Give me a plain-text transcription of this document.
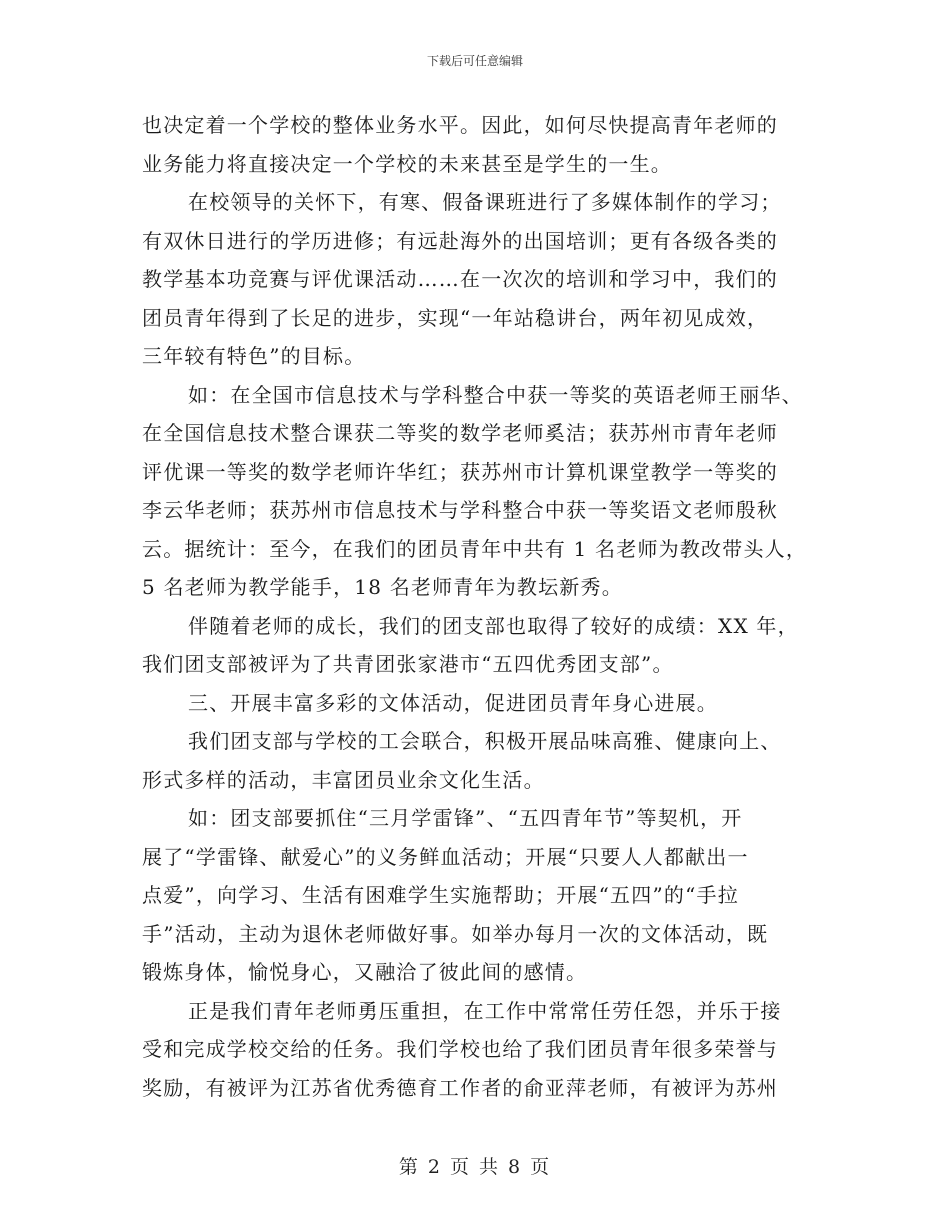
下载后可任意编辑

也决定着一个学校的整体业务水平。因此，如何尽快提高青年老师的
业务能力将直接决定一个学校的未来甚至是学生的一生。
在校领导的关怀下，有寒、假备课班进行了多媒体制作的学习；
有双休日进行的学历进修；有远赴海外的出国培训；更有各级各类的
教学基本功竞赛与评优课活动……在一次次的培训和学习中，我们的
团员青年得到了长足的进步，实现“一年站稳讲台，两年初见成效，
三年较有特色”的目标。
如：在全国市信息技术与学科整合中获一等奖的英语老师王丽华、
在全国信息技术整合课获二等奖的数学老师奚洁；获苏州市青年老师
评优课一等奖的数学老师许华红；获苏州市计算机课堂教学一等奖的
李云华老师；获苏州市信息技术与学科整合中获一等奖语文老师殷秋
云。据统计：至今，在我们的团员青年中共有 1 名老师为教改带头人，
5 名老师为教学能手，18 名老师青年为教坛新秀。
伴随着老师的成长，我们的团支部也取得了较好的成绩：XX 年，
我们团支部被评为了共青团张家港市“五四优秀团支部”。
三、开展丰富多彩的文体活动，促进团员青年身心进展。
我们团支部与学校的工会联合，积极开展品味高雅、健康向上、
形式多样的活动，丰富团员业余文化生活。
如：团支部要抓住“三月学雷锋”、“五四青年节”等契机，开
展了“学雷锋、献爱心”的义务鲜血活动；开展“只要人人都献出一
点爱”，向学习、生活有困难学生实施帮助；开展“五四”的“手拉
手”活动，主动为退休老师做好事。如举办每月一次的文体活动，既
锻炼身体，愉悦身心，又融洽了彼此间的感情。
正是我们青年老师勇压重担，在工作中常常任劳任怨，并乐于接
受和完成学校交给的任务。我们学校也给了我们团员青年很多荣誉与
奖励，有被评为江苏省优秀德育工作者的俞亚萍老师，有被评为苏州

第 2 页 共 8 页
